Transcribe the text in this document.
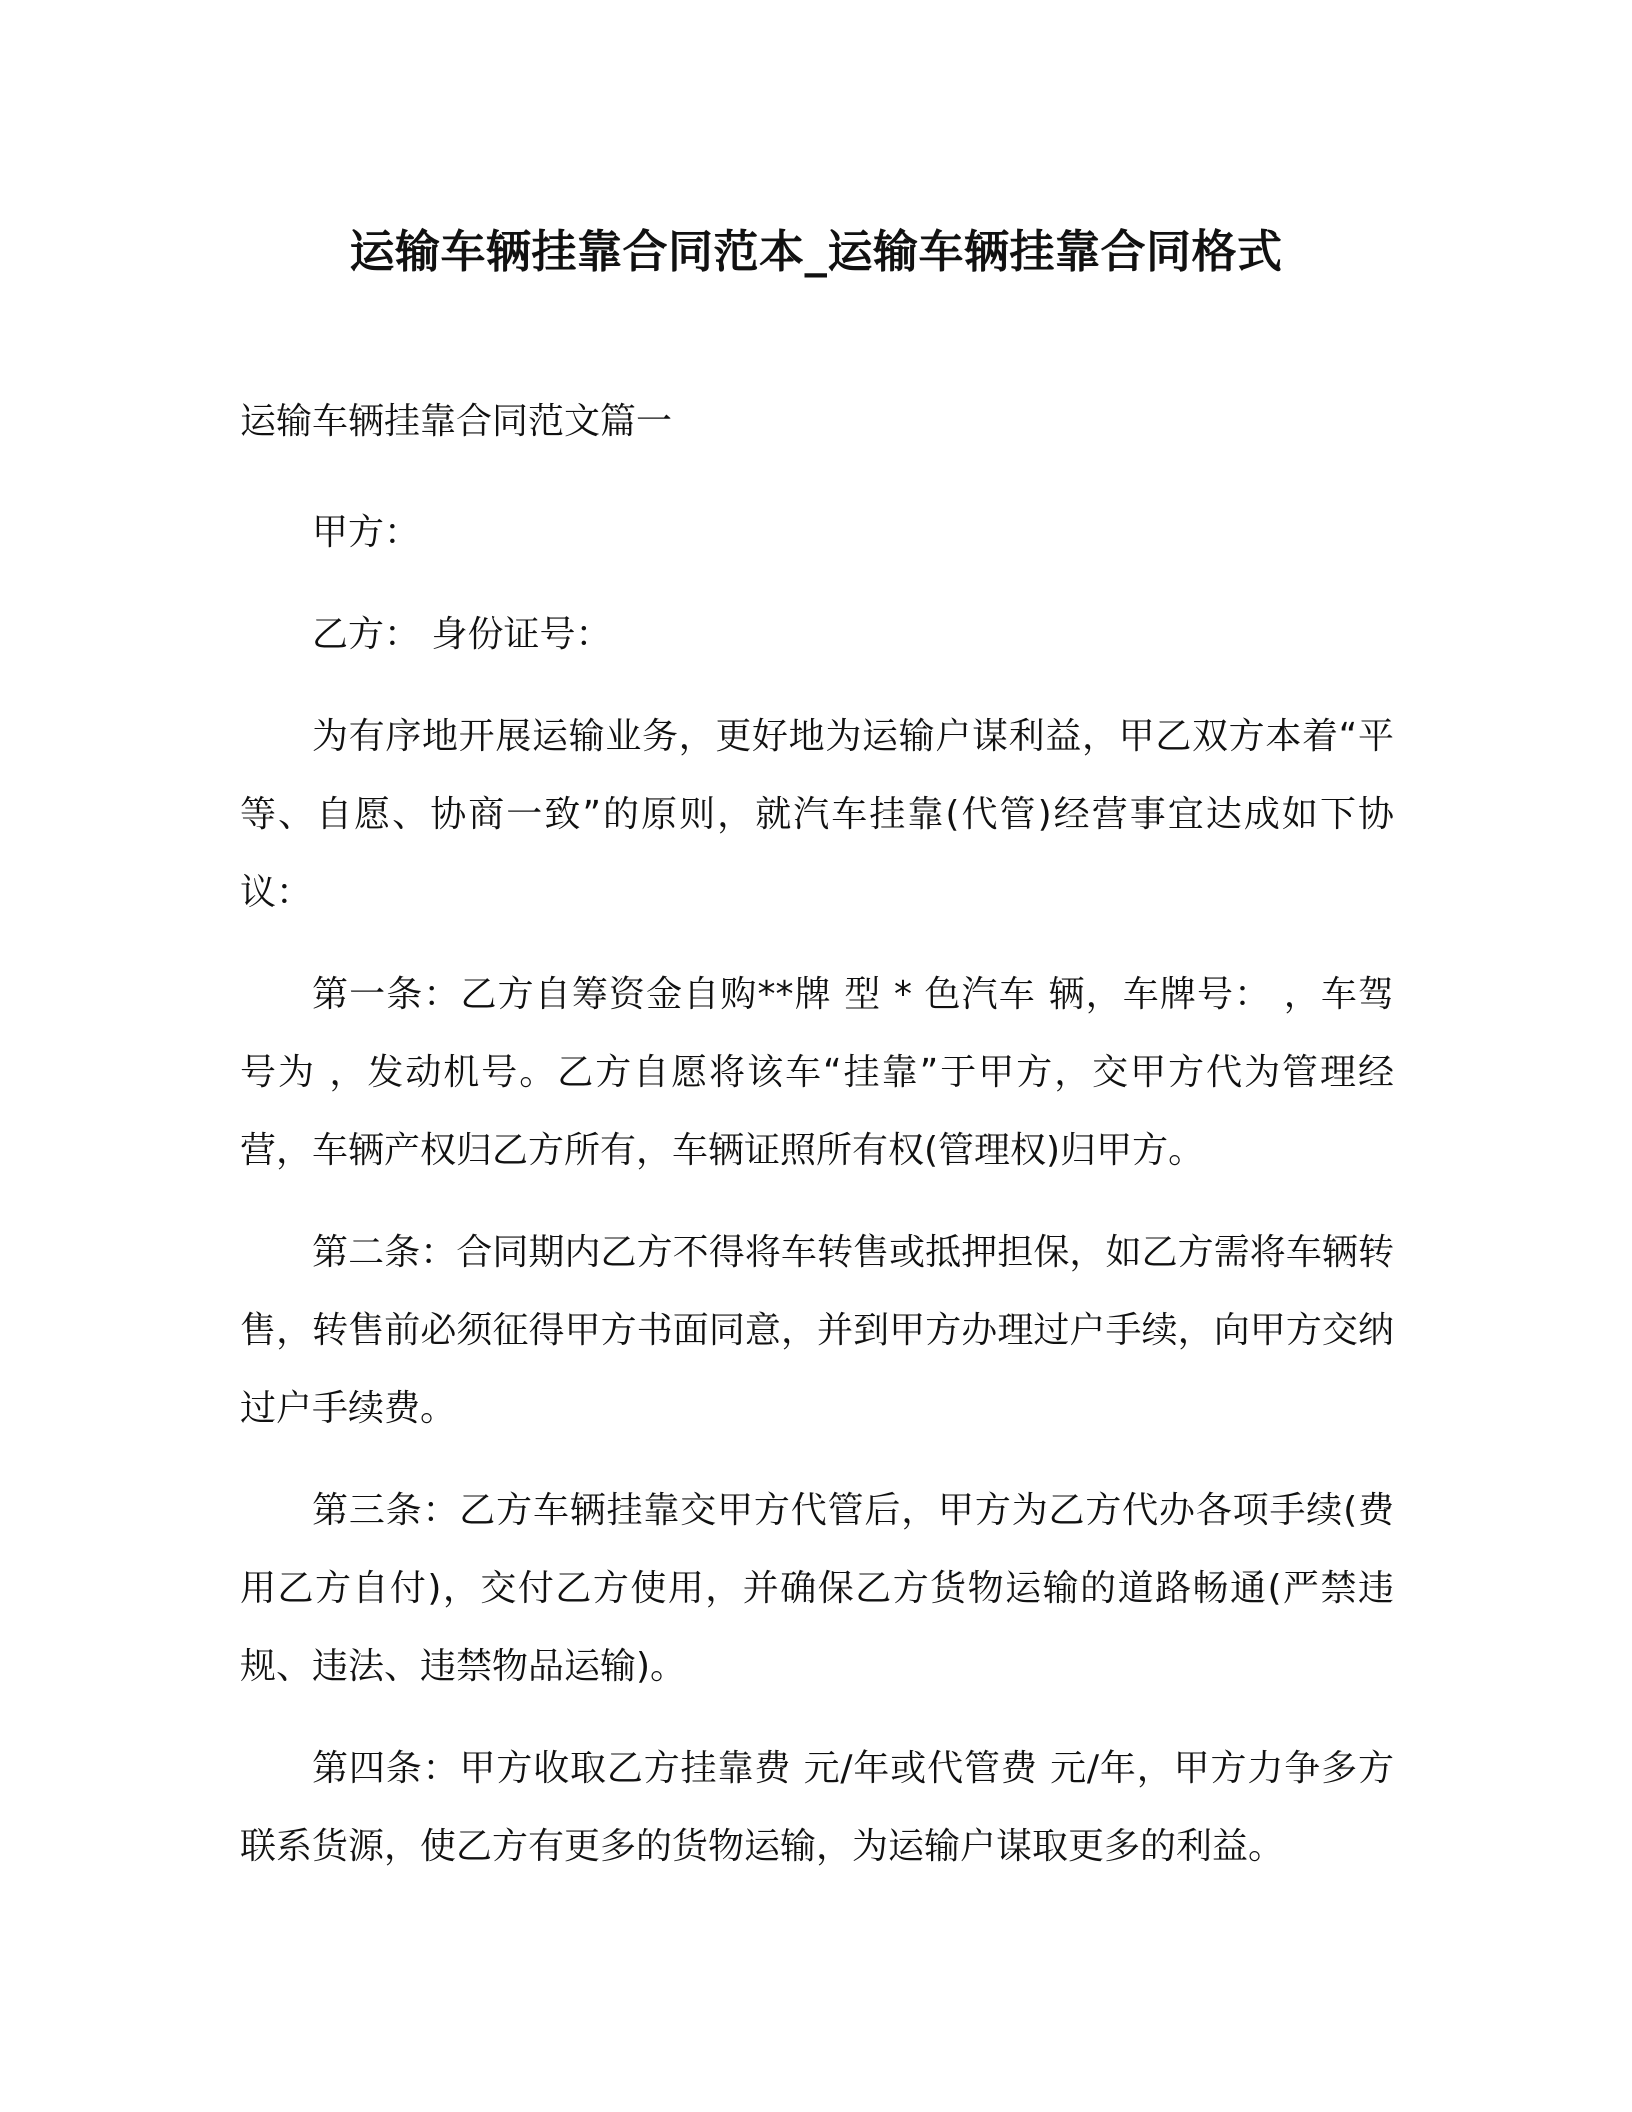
运输车辆挂靠合同范本_运输车辆挂靠合同格式

运输车辆挂靠合同范文篇一

甲方：

乙方： 身份证号：

为有序地开展运输业务，更好地为运输户谋利益，甲乙双方本着“平等、自愿、协商一致”的原则，就汽车挂靠(代管)经营事宜达成如下协议：

第一条：乙方自筹资金自购**牌 型 * 色汽车 辆，车牌号： ，车驾号为 ，发动机号。乙方自愿将该车“挂靠”于甲方，交甲方代为管理经营，车辆产权归乙方所有，车辆证照所有权(管理权)归甲方。

第二条：合同期内乙方不得将车转售或抵押担保，如乙方需将车辆转售，转售前必须征得甲方书面同意，并到甲方办理过户手续，向甲方交纳过户手续费。

第三条：乙方车辆挂靠交甲方代管后，甲方为乙方代办各项手续(费用乙方自付)，交付乙方使用，并确保乙方货物运输的道路畅通(严禁违规、违法、违禁物品运输)。

第四条：甲方收取乙方挂靠费 元/年或代管费 元/年，甲方力争多方联系货源，使乙方有更多的货物运输，为运输户谋取更多的利益。
